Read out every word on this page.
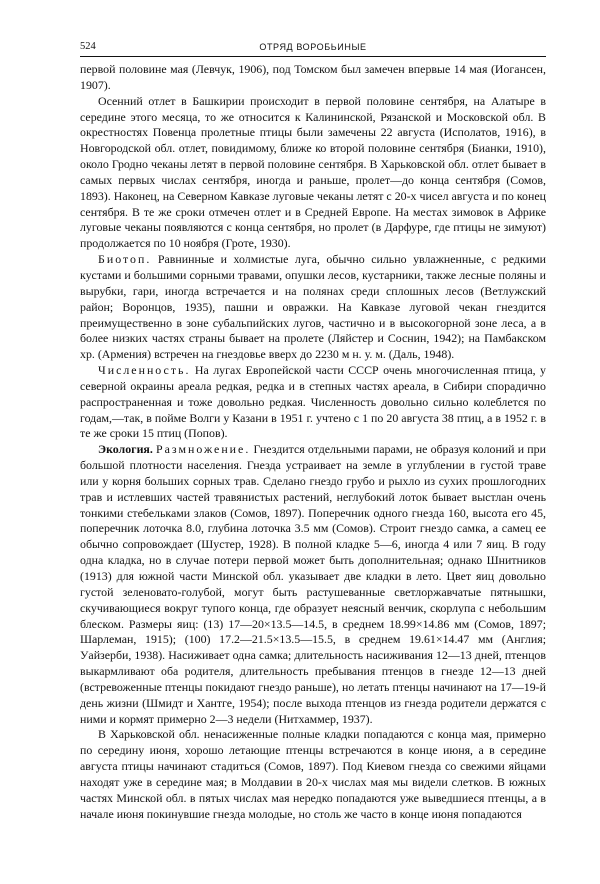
524	ОТРЯД ВОРОБЬИНЫЕ

первой половине мая (Левчук, 1906), под Томском был замечен впервые 14 мая (Иогансен, 1907).

Осенний отлет в Башкирии происходит в первой половине сентября, на Алатыре в середине этого месяца, то же относится к Калининской, Рязанской и Московской обл. В окрестностях Повенца пролетные птицы были замечены 22 августа (Исполатов, 1916), в Новгородской обл. отлет, повидимому, ближе ко второй половине сентября (Бианки, 1910), около Гродно чеканы летят в первой половине сентября. В Харьковской обл. отлет бывает в самых первых числах сентября, иногда и раньше, пролет—до конца сентября (Сомов, 1893). Наконец, на Северном Кавказе луговые чеканы летят с 20-х чисел августа и по конец сентября. В те же сроки отмечен отлет и в Средней Европе. На местах зимовок в Африке луговые чеканы появляются с конца сентября, но пролет (в Дарфуре, где птицы не зимуют) продолжается по 10 ноября (Гроте, 1930).

Биотоп. Равнинные и холмистые луга, обычно сильно увлажненные, с редкими кустами и большими сорными травами, опушки лесов, кустарники, также лесные поляны и вырубки, гари, иногда встречается и на полянах среди сплошных лесов (Ветлужский район; Воронцов, 1935), пашни и овражки. На Кавказе луговой чекан гнездится преимущественно в зоне субальпийских лугов, частично и в высокогорной зоне леса, а в более низких частях страны бывает на пролете (Ляйстер и Соснин, 1942); на Памбакском хр. (Армения) встречен на гнездовье вверх до 2230 м н. у. м. (Даль, 1948).

Численность. На лугах Европейской части СССР очень многочисленная птица, у северной окраины ареала редкая, редка и в степных частях ареала, в Сибири спорадично распространенная и тоже довольно редкая. Численность довольно сильно колеблется по годам,—так, в пойме Волги у Казани в 1951 г. учтено с 1 по 20 августа 38 птиц, а в 1952 г. в те же сроки 15 птиц (Попов).

Экология. Размножение. Гнездится отдельными парами, не образуя колоний и при большой плотности населения. Гнезда устраивает на земле в углублении в густой траве или у корня больших сорных трав. Сделано гнездо грубо и рыхло из сухих прошлогодних трав и истлевших частей травянистых растений, неглубокий лоток бывает выстлан очень тонкими стебельками злаков (Сомов, 1897). Поперечник одного гнезда 160, высота его 45, поперечник лоточка 8.0, глубина лоточка 3.5 мм (Сомов). Строит гнездо самка, а самец ее обычно сопровождает (Шустер, 1928). В полной кладке 5—6, иногда 4 или 7 яиц. В году одна кладка, но в случае потери первой может быть дополнительная; однако Шнитников (1913) для южной части Минской обл. указывает две кладки в лето. Цвет яиц довольно густой зеленовато-голубой, могут быть растушеванные светлоржавчатые пятнышки, скучивающиеся вокруг тупого конца, где образует неясный венчик, скорлупа с небольшим блеском. Размеры яиц: (13) 17—20×13.5—14.5, в среднем 18.99×14.86 мм (Сомов, 1897; Шарлеман, 1915); (100) 17.2—21.5×13.5—15.5, в среднем 19.61×14.47 мм (Англия; Уайзерби, 1938). Насиживает одна самка; длительность насиживания 12—13 дней, птенцов выкармливают оба родителя, длительность пребывания птенцов в гнезде 12—13 дней (встревоженные птенцы покидают гнездо раньше), но летать птенцы начинают на 17—19-й день жизни (Шмидт и Хантге, 1954); после выхода птенцов из гнезда родители держатся с ними и кормят примерно 2—3 недели (Нитхаммер, 1937).

В Харьковской обл. ненасиженные полные кладки попадаются с конца мая, примерно по середину июня, хорошо летающие птенцы встречаются в конце июня, а в середине августа птицы начинают стадиться (Сомов, 1897). Под Киевом гнезда со свежими яйцами находят уже в середине мая; в Молдавии в 20-х числах мая мы видели слетков. В южных частях Минской обл. в пятых числах мая нередко попадаются уже выведшиеся птенцы, а в начале июня покинувшие гнезда молодые, но столь же часто в конце июня попадаются
